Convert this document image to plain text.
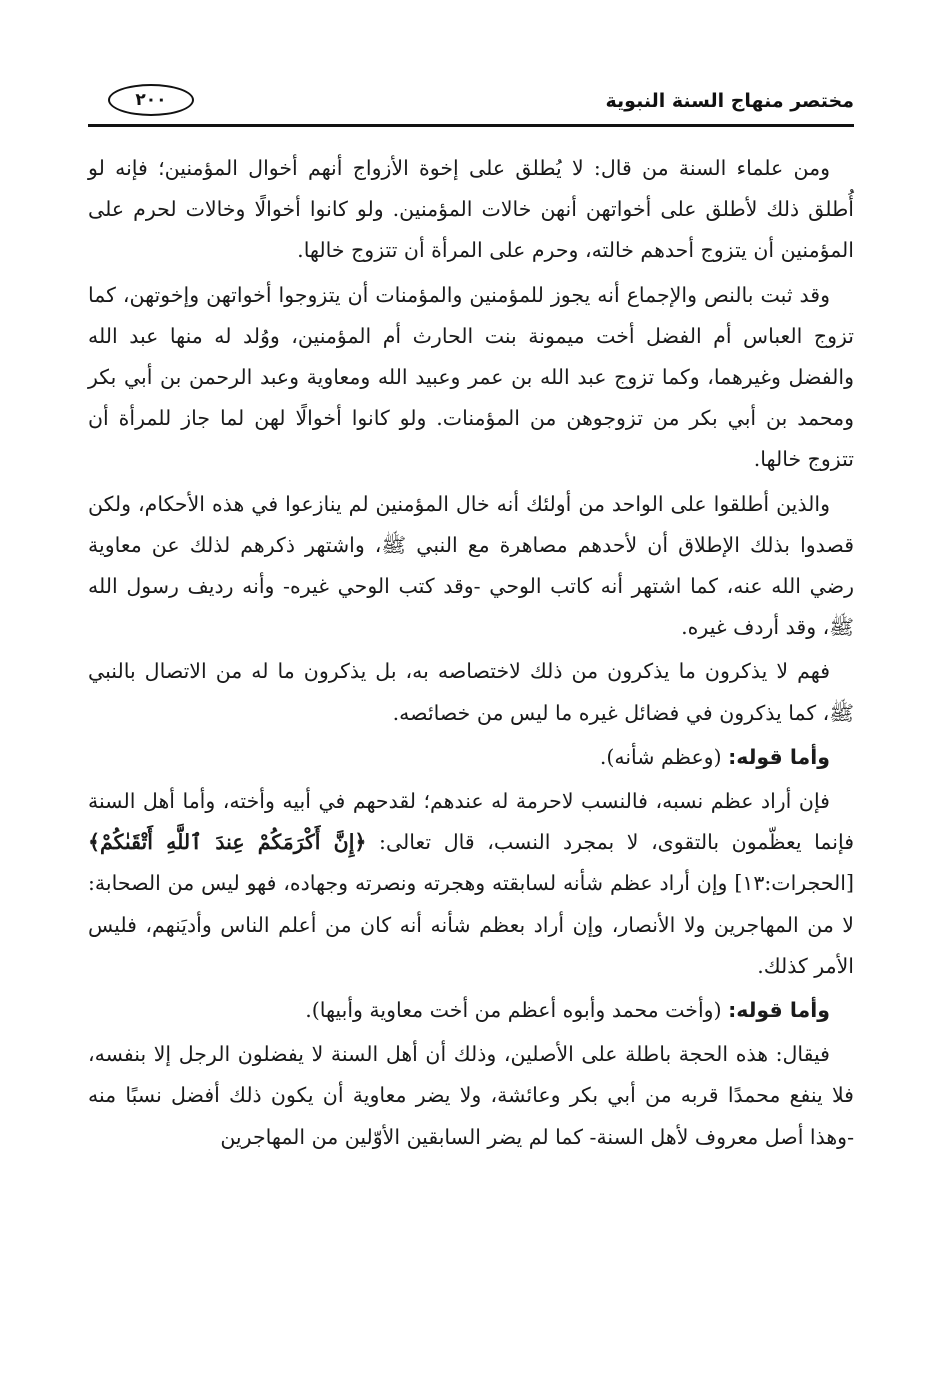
مختصر منهاج السنة النبوية
٢٠٠

ومن علماء السنة من قال: لا يُطلق على إخوة الأزواج أنهم أخوال المؤمنين؛ فإنه لو أُطلق ذلك لأطلق على أخواتهن أنهن خالات المؤمنين. ولو كانوا أخوالًا وخالات لحرم على المؤمنين أن يتزوج أحدهم خالته، وحرم على المرأة أن تتزوج خالها.

وقد ثبت بالنص والإجماع أنه يجوز للمؤمنين والمؤمنات أن يتزوجوا أخواتهن وإخوتهن، كما تزوج العباس أم الفضل أخت ميمونة بنت الحارث أم المؤمنين، ووُلد له منها عبد الله والفضل وغيرهما، وكما تزوج عبد الله بن عمر وعبيد الله ومعاوية وعبد الرحمن بن أبي بكر ومحمد بن أبي بكر من تزوجوهن من المؤمنات. ولو كانوا أخوالًا لهن لما جاز للمرأة أن تتزوج خالها.

والذين أطلقوا على الواحد من أولئك أنه خال المؤمنين لم ينازعوا في هذه الأحكام، ولكن قصدوا بذلك الإطلاق أن لأحدهم مصاهرة مع النبي ﷺ، واشتهر ذكرهم لذلك عن معاوية رضي الله عنه، كما اشتهر أنه كاتب الوحي -وقد كتب الوحي غيره- وأنه رديف رسول الله ﷺ، وقد أردف غيره.

فهم لا يذكرون ما يذكرون من ذلك لاختصاصه به، بل يذكرون ما له من الاتصال بالنبي ﷺ، كما يذكرون في فضائل غيره ما ليس من خصائصه.

وأما قوله: (وعظم شأنه).

فإن أراد عظم نسبه، فالنسب لاحرمة له عندهم؛ لقدحهم في أبيه وأخته، وأما أهل السنة فإنما يعظّمون بالتقوى، لا بمجرد النسب، قال تعالى: ﴿إِنَّ أَكْرَمَكُمْ عِندَ ٱللَّهِ أَتْقَىٰكُمْ﴾ [الحجرات:١٣] وإن أراد عظم شأنه لسابقته وهجرته ونصرته وجهاده، فهو ليس من الصحابة: لا من المهاجرين ولا الأنصار، وإن أراد بعظم شأنه أنه كان من أعلم الناس وأديَنهم، فليس الأمر كذلك.

وأما قوله: (وأخت محمد وأبوه أعظم من أخت معاوية وأبيها).

فيقال: هذه الحجة باطلة على الأصلين، وذلك أن أهل السنة لا يفضلون الرجل إلا بنفسه، فلا ينفع محمدًا قربه من أبي بكر وعائشة، ولا يضر معاوية أن يكون ذلك أفضل نسبًا منه -وهذا أصل معروف لأهل السنة- كما لم يضر السابقين الأوّلين من المهاجرين
